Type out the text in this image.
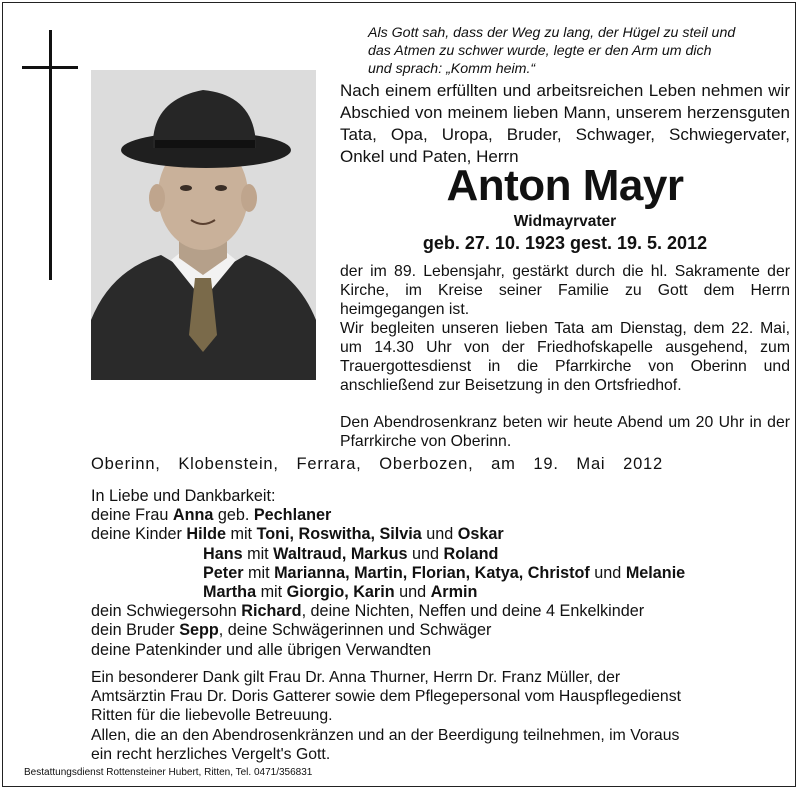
Als Gott sah, dass der Weg zu lang, der Hügel zu steil und
das Atmen zu schwer wurde, legte er den Arm um dich
und sprach: „Komm heim.“
Nach einem erfüllten und arbeitsreichen Leben nehmen wir Abschied von meinem lieben Mann, unserem herzensguten Tata, Opa, Uropa, Bruder, Schwager, Schwiegervater, Onkel und Paten, Herrn
Anton Mayr
Widmayrvater
geb. 27. 10. 1923 gest. 19. 5. 2012
der im 89. Lebensjahr, gestärkt durch die hl. Sakramente der Kirche, im Kreise seiner Familie zu Gott dem Herrn heimgegangen ist.
Wir begleiten unseren lieben Tata am Dienstag, dem 22. Mai, um 14.30 Uhr von der Friedhofskapelle ausgehend, zum Trauergottesdienst in die Pfarrkirche von Oberinn und anschließend zur Beisetzung in den Ortsfriedhof.
Den Abendrosenkranz beten wir heute Abend um 20 Uhr in der Pfarrkirche von Oberinn.
Oberinn, Klobenstein, Ferrara, Oberbozen, am 19. Mai 2012
In Liebe und Dankbarkeit:
deine Frau Anna geb. Pechlaner
deine Kinder Hilde mit Toni, Roswitha, Silvia und Oskar
Hans mit Waltraud, Markus und Roland
Peter mit Marianna, Martin, Florian, Katya, Christof und Melanie
Martha mit Giorgio, Karin und Armin
dein Schwiegersohn Richard, deine Nichten, Neffen und deine 4 Enkelkinder
dein Bruder Sepp, deine Schwägerinnen und Schwäger
deine Patenkinder und alle übrigen Verwandten
Ein besonderer Dank gilt Frau Dr. Anna Thurner, Herrn Dr. Franz Müller, der Amtsärztin Frau Dr. Doris Gatterer sowie dem Pflegepersonal vom Hauspflegedienst Ritten für die liebevolle Betreuung.
Allen, die an den Abendrosenkränzen und an der Beerdigung teilnehmen, im Voraus ein recht herzliches Vergelt's Gott.
Bestattungsdienst Rottensteiner Hubert, Ritten, Tel. 0471/356831
